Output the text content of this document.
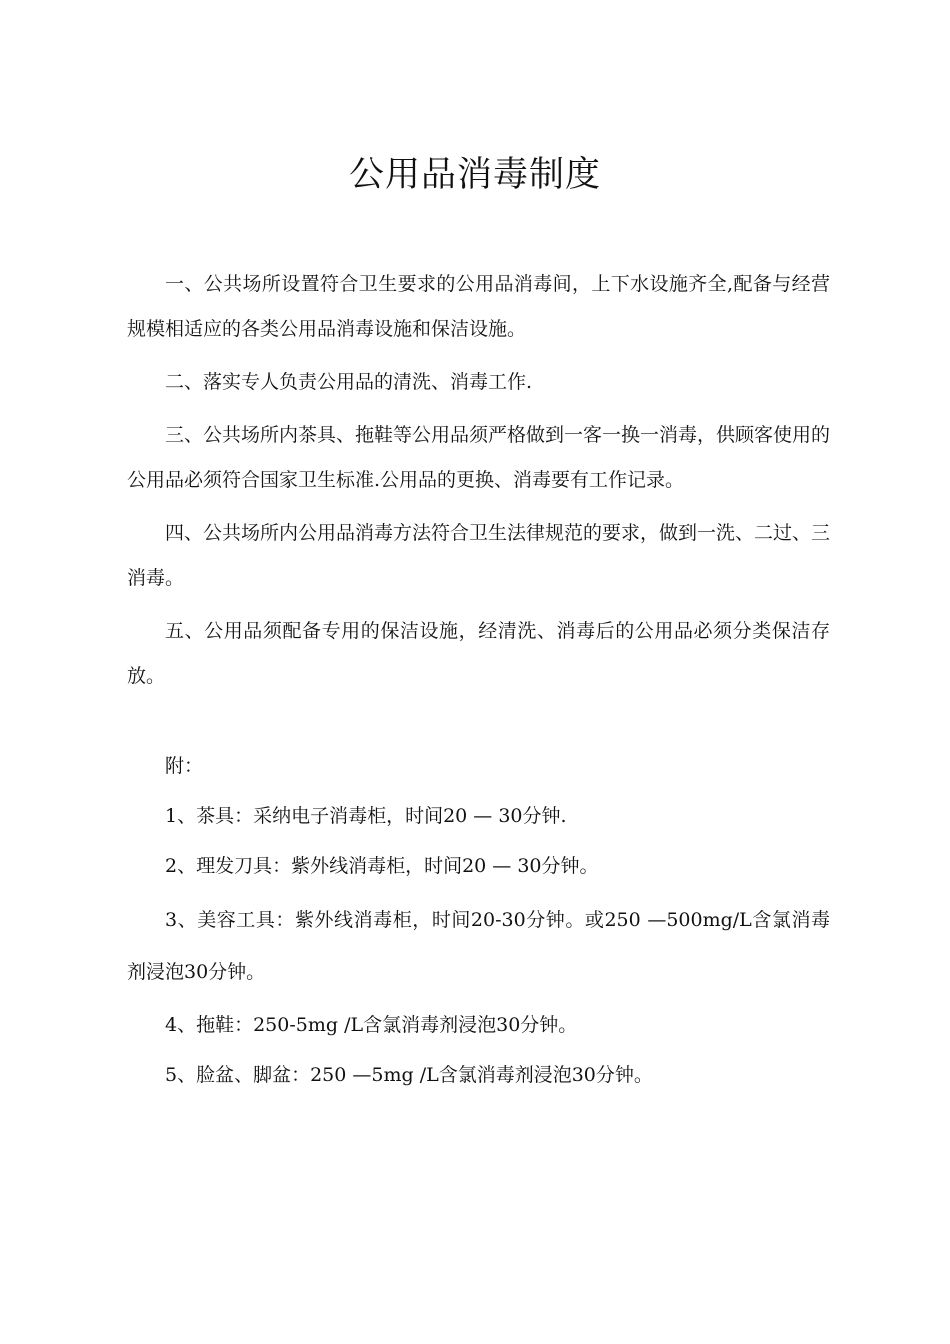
公用品消毒制度

一、公共场所设置符合卫生要求的公用品消毒间，上下水设施齐全,配备与经营规模相适应的各类公用品消毒设施和保洁设施。

二、落实专人负责公用品的清洗、消毒工作.

三、公共场所内茶具、拖鞋等公用品须严格做到一客一换一消毒，供顾客使用的公用品必须符合国家卫生标准.公用品的更换、消毒要有工作记录。

四、公共场所内公用品消毒方法符合卫生法律规范的要求，做到一洗、二过、三消毒。

五、公用品须配备专用的保洁设施，经清洗、消毒后的公用品必须分类保洁存放。

附：

1、茶具：采纳电子消毒柜，时间20 — 30分钟.

2、理发刀具：紫外线消毒柜，时间20 — 30分钟。

3、美容工具：紫外线消毒柜，时间20-30分钟。或250 —500mg/L含氯消毒剂浸泡30分钟。

4、拖鞋：250-5mg /L含氯消毒剂浸泡30分钟。

5、脸盆、脚盆：250 —5mg /L含氯消毒剂浸泡30分钟。
